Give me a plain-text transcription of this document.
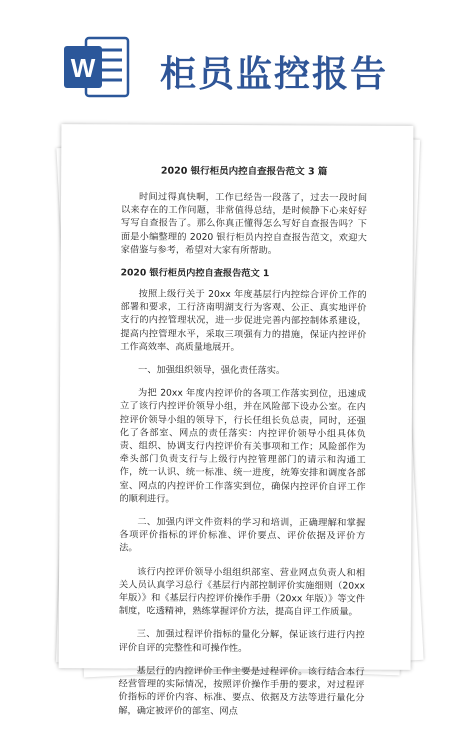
W 柜员监控报告
2020 银行柜员内控自查报告范文 3 篇

时间过得真快啊，工作已经告一段落了，过去一段时间以来存在的工作问题，非常值得总结，是时候静下心来好好写写自查报告了。那么你真正懂得怎么写好自查报告吗？下面是小编整理的 2020 银行柜员内控自查报告范文，欢迎大家借鉴与参考，希望对大家有所帮助。

2020 银行柜员内控自查报告范文 1

按照上级行关于 20xx 年度基层行内控综合评价工作的部署和要求，工行济南明湖支行为客观、公正、真实地评价支行的内控管理状况，进一步促进完善内部控制体系建设，提高内控管理水平，采取三项强有力的措施，保证内控评价工作高效率、高质量地展开。

一、加强组织领导，强化责任落实。

为把 20xx 年度内控评价的各项工作落实到位，迅速成立了该行内控评价领导小组，并在风险部下设办公室。在内控评价领导小组的领导下，行长任组长负总责，同时，还强化了各部室、网点的责任落实：内控评价领导小组具体负责、组织、协调支行内控评价有关事项和工作；风险部作为牵头部门负责支行与上级行内控管理部门的请示和沟通工作，统一认识、统一标准、统一进度，统筹安排和调度各部室、网点的内控评价工作落实到位，确保内控评价自评工作的顺利进行。

二、加强内评文件资料的学习和培训，正确理解和掌握各项评价指标的评价标准、评价要点、评价依据及评价方法。

该行内控评价领导小组组织部室、营业网点负责人和相关人员认真学习总行《基层行内部控制评价实施细则（20xx 年版）》和《基层行内控评价操作手册（20xx 年版）》等文件制度，吃透精神，熟练掌握评价方法，提高自评工作质量。

三、加强过程评价指标的量化分解，保证该行进行内控评价自评的完整性和可操作性。

基层行的内控评价工作主要是过程评价。该行结合本行经营管理的实际情况，按照评价操作手册的要求，对过程评价指标的评价内容、标准、要点、依据及方法等进行量化分解，确定被评价的部室、网点
